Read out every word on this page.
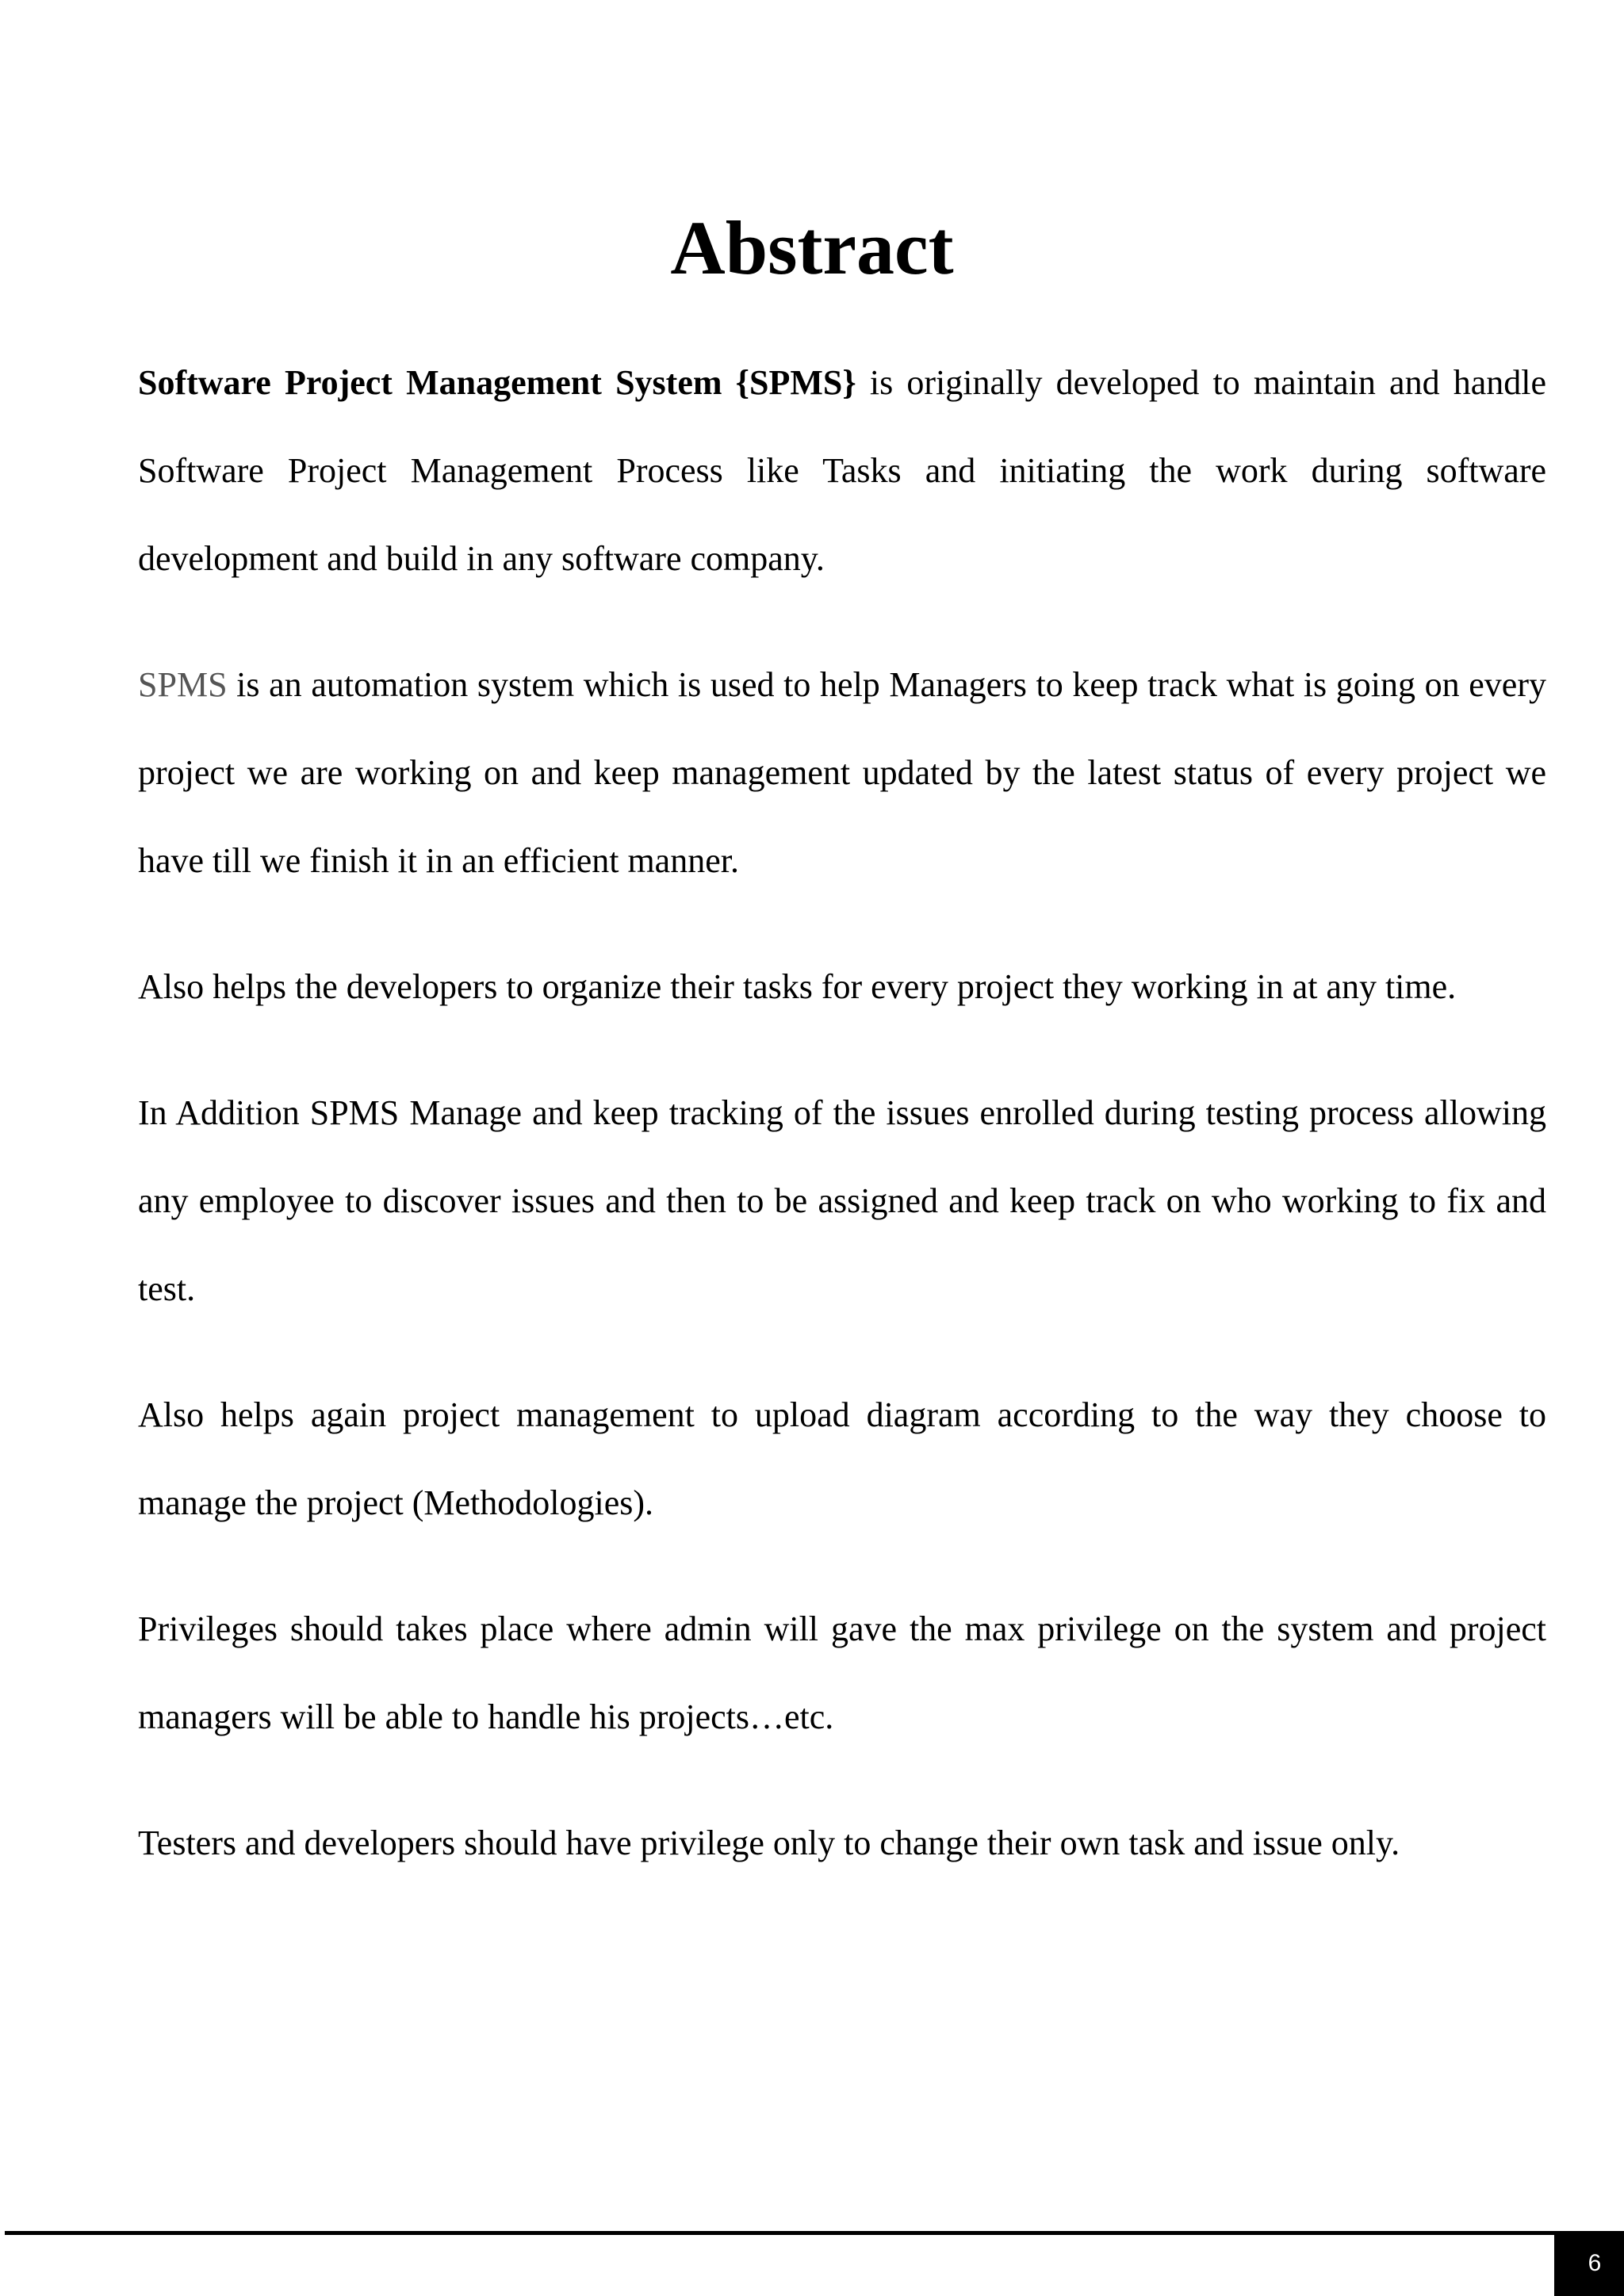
Abstract

Software Project Management System {SPMS} is originally developed to maintain and handle Software Project Management Process like Tasks and initiating the work during software development and build in any software company.

SPMS is an automation system which is used to help Managers to keep track what is going on every project we are working on and keep management updated by the latest status of every project we have till we finish it in an efficient manner.

Also helps the developers to organize their tasks for every project they working in at any time.

In Addition SPMS Manage and keep tracking of the issues enrolled during testing process allowing any employee to discover issues and then to be assigned and keep track on who working to fix and test.

Also helps again project management to upload diagram according to the way they choose to manage the project (Methodologies).

Privileges should takes place where admin will gave the max privilege on the system and project managers will be able to handle his projects…etc.

Testers and developers should have privilege only to change their own task and issue only.

6
